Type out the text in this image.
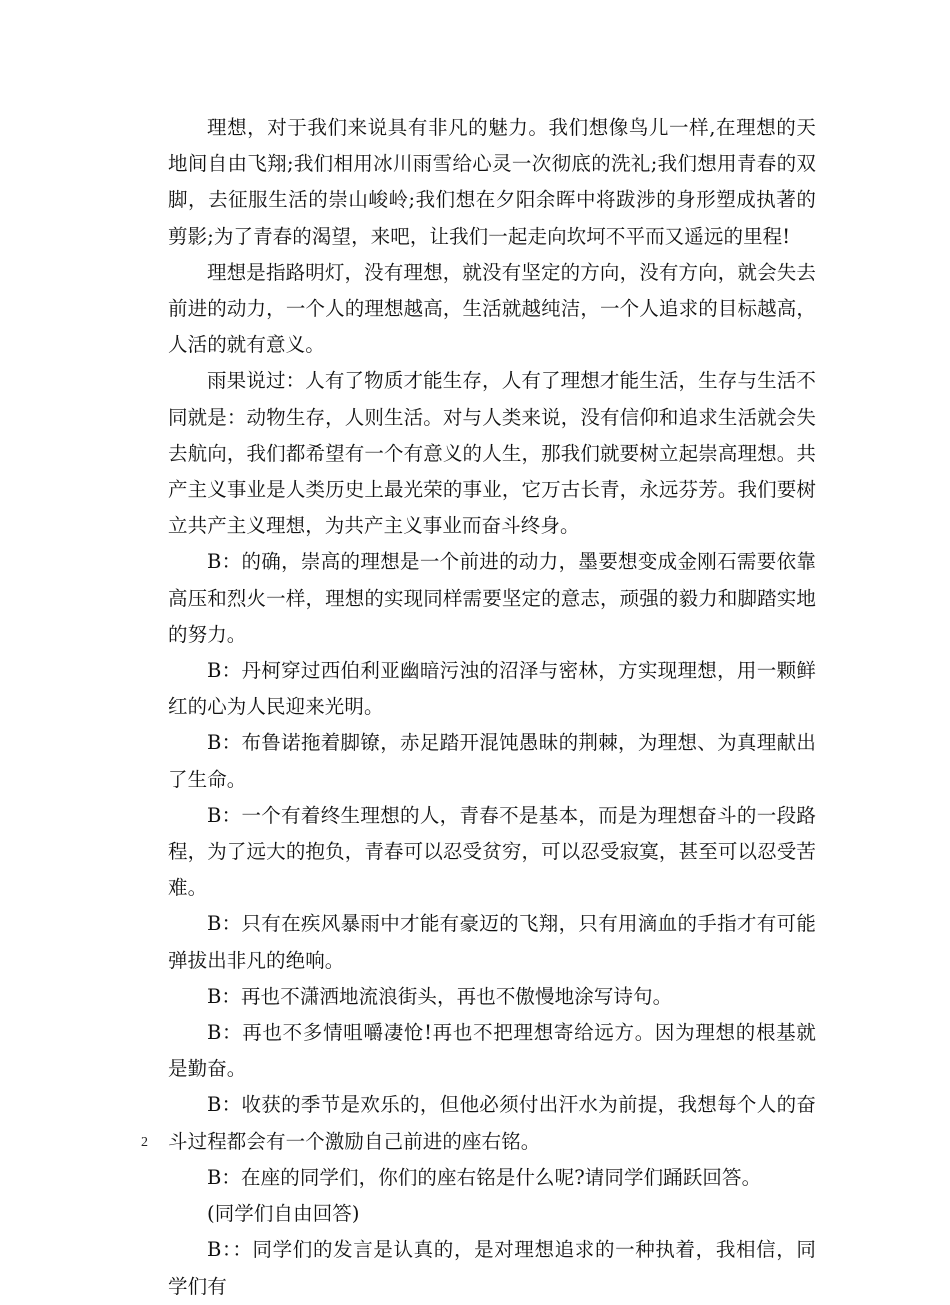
理想，对于我们来说具有非凡的魅力。我们想像鸟儿一样,在理想的天地间自由飞翔;我们相用冰川雨雪给心灵一次彻底的洗礼;我们想用青春的双脚，去征服生活的崇山峻岭;我们想在夕阳余晖中将跋涉的身形塑成执著的剪影;为了青春的渴望，来吧，让我们一起走向坎坷不平而又遥远的里程!

理想是指路明灯，没有理想，就没有坚定的方向，没有方向，就会失去前进的动力，一个人的理想越高，生活就越纯洁，一个人追求的目标越高，人活的就有意义。

雨果说过：人有了物质才能生存，人有了理想才能生活，生存与生活不同就是：动物生存，人则生活。对与人类来说，没有信仰和追求生活就会失去航向，我们都希望有一个有意义的人生，那我们就要树立起崇高理想。共产主义事业是人类历史上最光荣的事业，它万古长青，永远芬芳。我们要树立共产主义理想，为共产主义事业而奋斗终身。

B：的确，崇高的理想是一个前进的动力，墨要想变成金刚石需要依靠高压和烈火一样，理想的实现同样需要坚定的意志，顽强的毅力和脚踏实地的努力。

B：丹柯穿过西伯利亚幽暗污浊的沼泽与密林，方实现理想，用一颗鲜红的心为人民迎来光明。

B：布鲁诺拖着脚镣，赤足踏开混饨愚昧的荆棘，为理想、为真理献出了生命。

B：一个有着终生理想的人，青春不是基本，而是为理想奋斗的一段路程，为了远大的抱负，青春可以忍受贫穷，可以忍受寂寞，甚至可以忍受苦难。

B：只有在疾风暴雨中才能有豪迈的飞翔，只有用滴血的手指才有可能弹拔出非凡的绝响。

B：再也不潇洒地流浪街头，再也不傲慢地涂写诗句。

B：再也不多情咀嚼凄怆!再也不把理想寄给远方。因为理想的根基就是勤奋。

B：收获的季节是欢乐的，但他必须付出汗水为前提，我想每个人的奋斗过程都会有一个激励自己前进的座右铭。

B：在座的同学们，你们的座右铭是什么呢?请同学们踊跃回答。

(同学们自由回答)

B：：同学们的发言是认真的，是对理想追求的一种执着，我相信，同学们有

2
